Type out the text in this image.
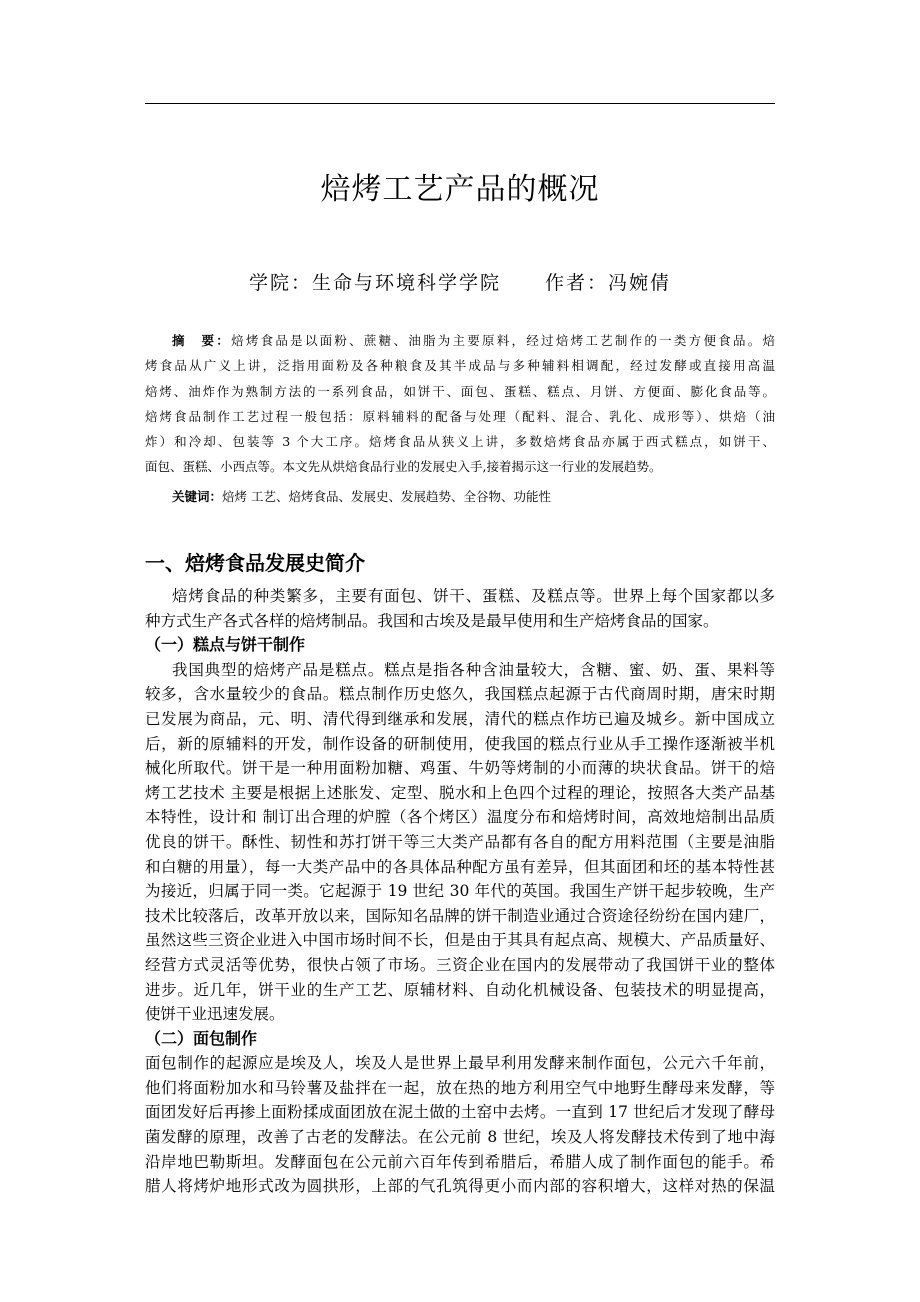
焙烤工艺产品的概况
学院：生命与环境科学学院 作者：冯婉倩
摘　要：焙烤食品是以面粉、蔗糖、油脂为主要原料，经过焙烤工艺制作的一类方便食品。焙
烤食品从广义上讲，泛指用面粉及各种粮食及其半成品与多种辅料相调配，经过发酵或直接用高温
焙烤、油炸作为熟制方法的一系列食品，如饼干、面包、蛋糕、糕点、月饼、方便面、膨化食品等。
焙烤食品制作工艺过程一般包括：原料辅料的配备与处理（配料、混合、乳化、成形等）、烘焙（油
炸）和冷却、包装等 3 个大工序。焙烤食品从狭义上讲，多数焙烤食品亦属于西式糕点，如饼干、
面包、蛋糕、小西点等。本文先从烘焙食品行业的发展史入手,接着揭示这一行业的发展趋势。
关键词：焙烤 工艺、焙烤食品、发展史、发展趋势、全谷物、功能性
一、焙烤食品发展史简介
焙烤食品的种类繁多，主要有面包、饼干、蛋糕、及糕点等。世界上每个国家都以多
种方式生产各式各样的焙烤制品。我国和古埃及是最早使用和生产焙烤食品的国家。
（一）糕点与饼干制作
我国典型的焙烤产品是糕点。糕点是指各种含油量较大，含糖、蜜、奶、蛋、果料等
较多，含水量较少的食品。糕点制作历史悠久，我国糕点起源于古代商周时期，唐宋时期
已发展为商品，元、明、清代得到继承和发展，清代的糕点作坊已遍及城乡。新中国成立
后，新的原辅料的开发，制作设备的研制使用，使我国的糕点行业从手工操作逐渐被半机
械化所取代。饼干是一种用面粉加糖、鸡蛋、牛奶等烤制的小而薄的块状食品。饼干的焙
烤工艺技术 主要是根据上述胀发、定型、脱水和上色四个过程的理论，按照各大类产品基
本特性，设计和 制订出合理的炉膛（各个烤区）温度分布和焙烤时间，高效地焙制出品质
优良的饼干。酥性、韧性和苏打饼干等三大类产品都有各自的配方用料范围（主要是油脂
和白糖的用量），每一大类产品中的各具体品种配方虽有差异，但其面团和坯的基本特性甚
为接近，归属于同一类。它起源于 19 世纪 30 年代的英国。我国生产饼干起步较晚，生产
技术比较落后，改革开放以来，国际知名品牌的饼干制造业通过合资途径纷纷在国内建厂，
虽然这些三资企业进入中国市场时间不长，但是由于其具有起点高、规模大、产品质量好、
经营方式灵活等优势，很快占领了市场。三资企业在国内的发展带动了我国饼干业的整体
进步。近几年，饼干业的生产工艺、原辅材料、自动化机械设备、包装技术的明显提高，
使饼干业迅速发展。
（二）面包制作
面包制作的起源应是埃及人，埃及人是世界上最早利用发酵来制作面包，公元六千年前，
他们将面粉加水和马铃薯及盐拌在一起，放在热的地方利用空气中地野生酵母来发酵，等
面团发好后再掺上面粉揉成面团放在泥土做的土窑中去烤。一直到 17 世纪后才发现了酵母
菌发酵的原理，改善了古老的发酵法。在公元前 8 世纪，埃及人将发酵技术传到了地中海
沿岸地巴勒斯坦。发酵面包在公元前六百年传到希腊后，希腊人成了制作面包的能手。希
腊人将烤炉地形式改为圆拱形，上部的气孔筑得更小而内部的容积增大，这样对热的保温
